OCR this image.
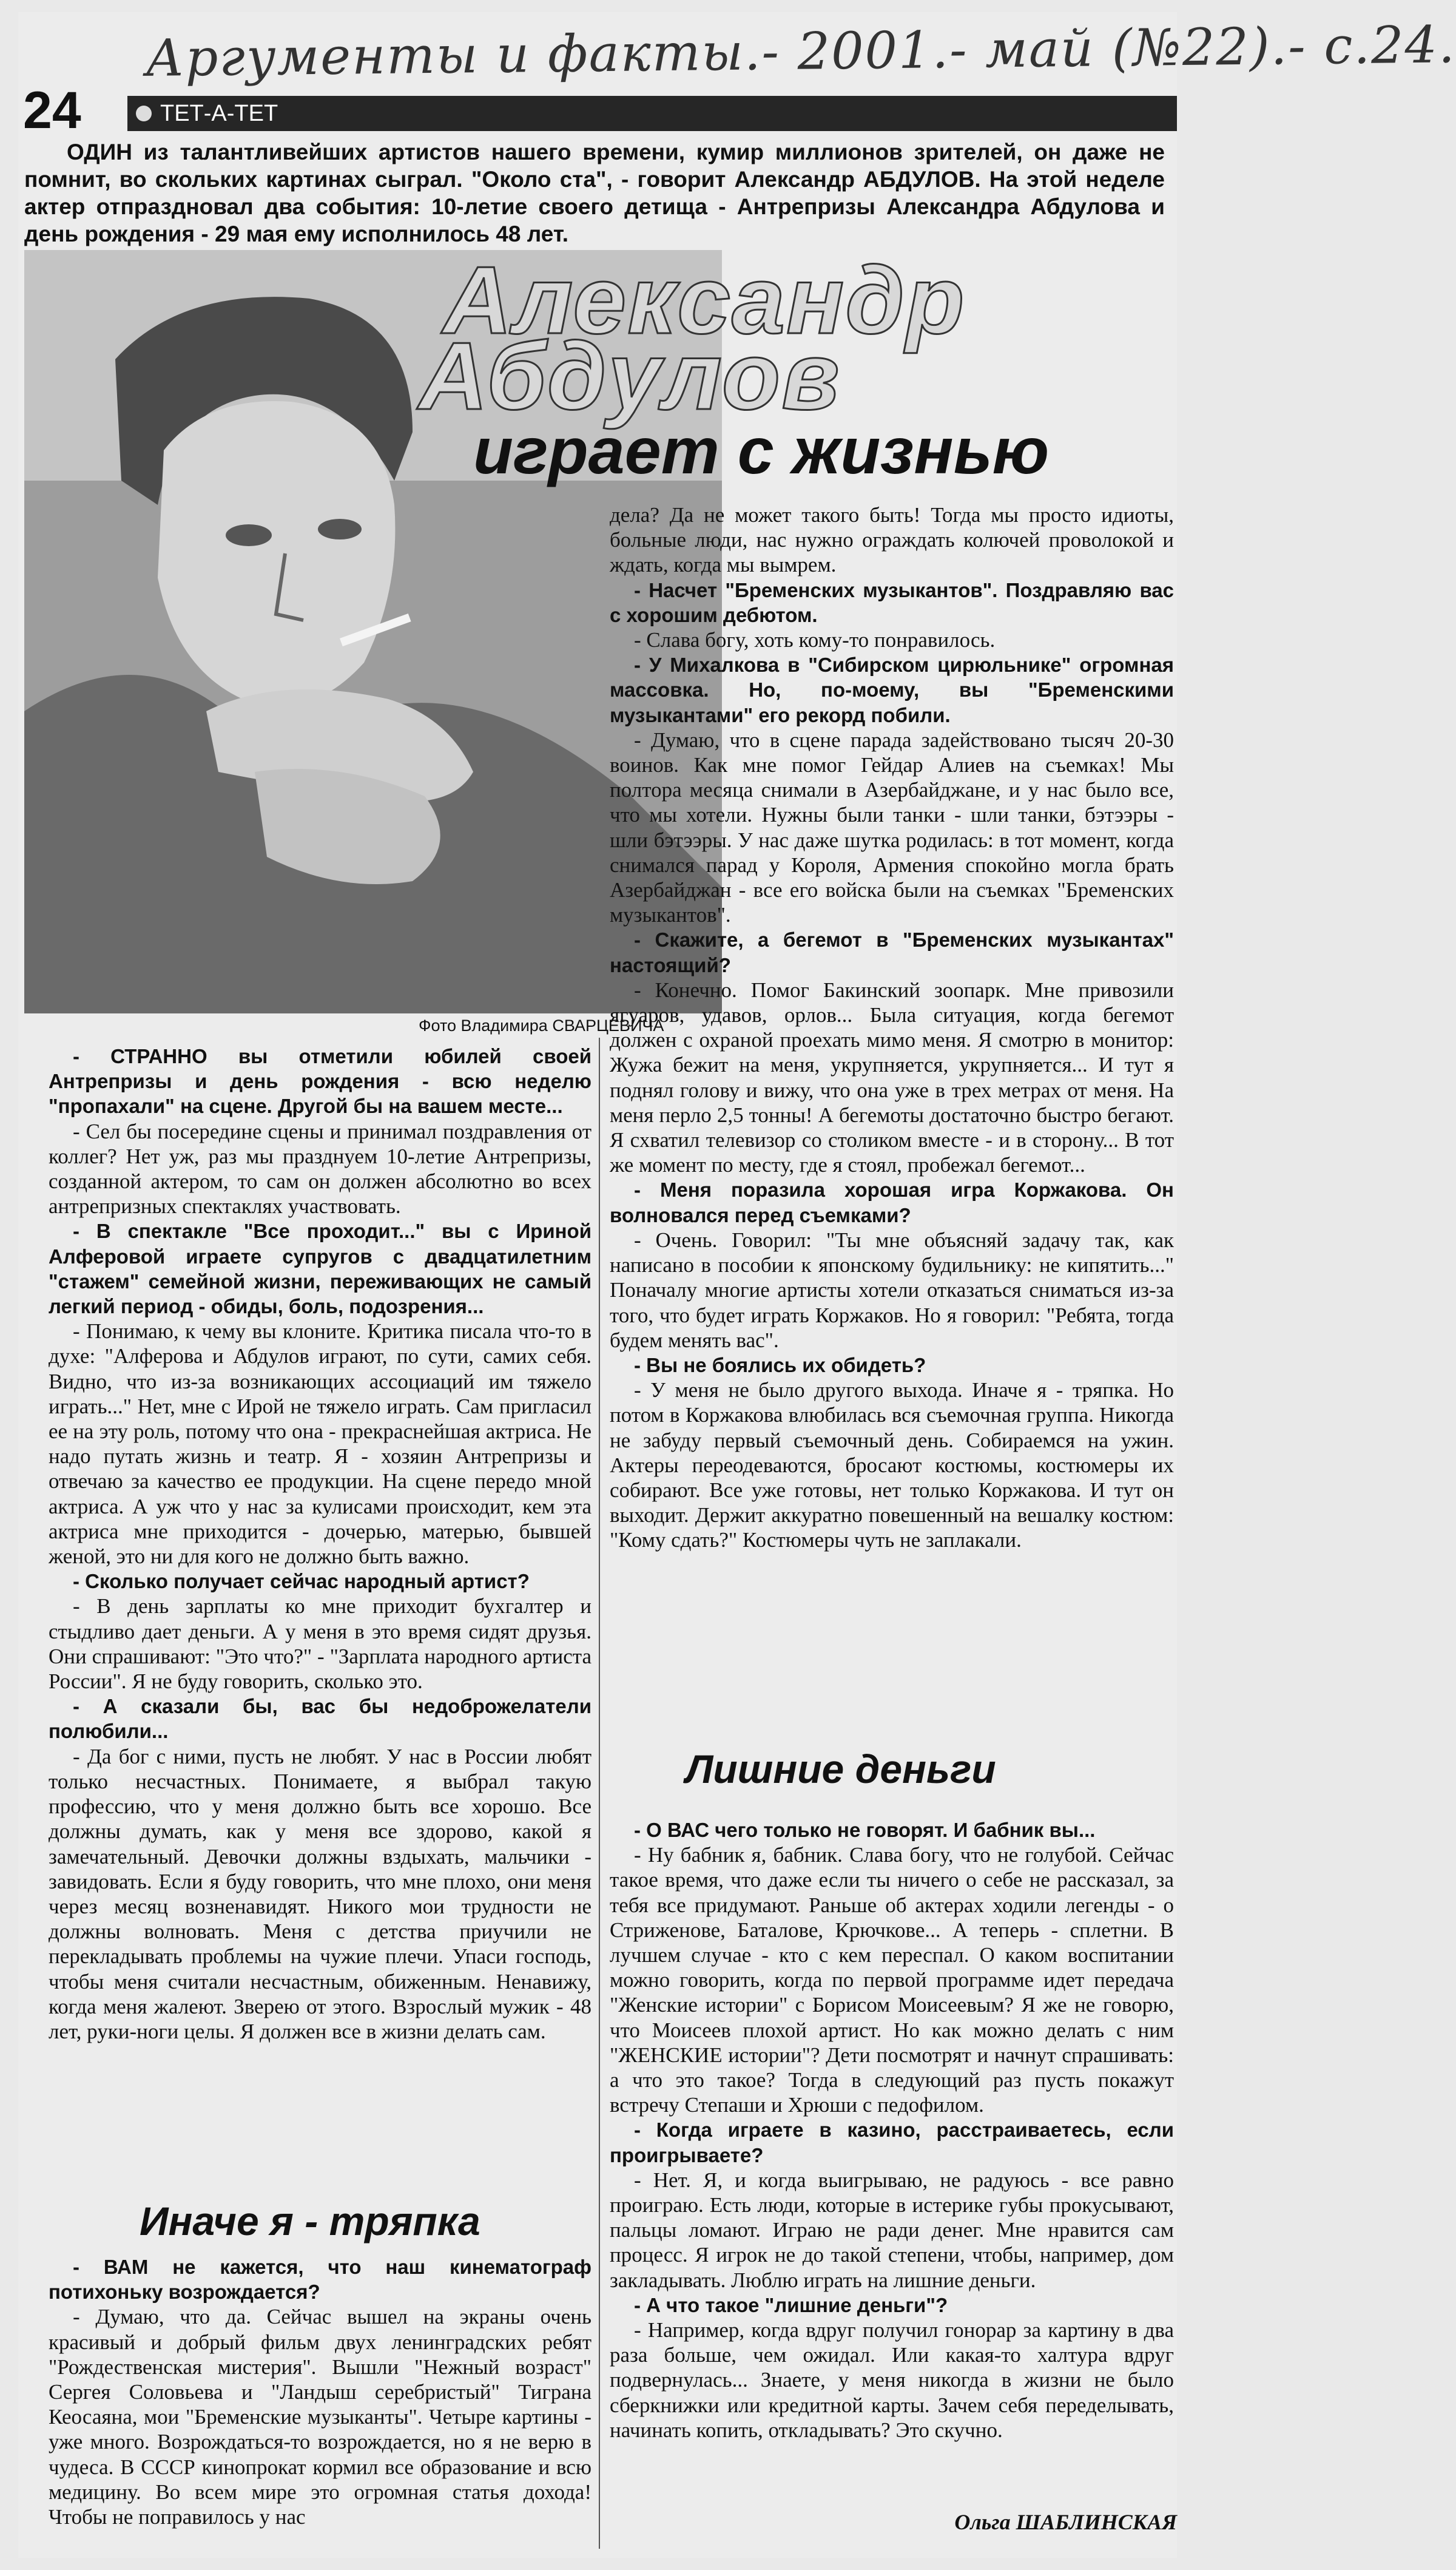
Аргументы и факты.- 2001.- май (№22).- с.24.
24	ТЕТ-А-ТЕТ
ОДИН из талантливейших артистов нашего времени, кумир миллионов зрителей, он даже не помнит, во скольких картинах сыграл. "Около ста", - говорит Александр АБДУЛОВ. На этой неделе актер отпраздновал два события: 10-летие своего детища - Антрепризы Александра Абдулова и день рождения - 29 мая ему исполнилось 48 лет.
Александр
Абдулов
играет с жизнью
Фото Владимира СВАРЦЕВИЧА

- СТРАННО вы отметили юбилей своей Антрепризы и день рождения - всю неделю "пропахали" на сцене. Другой бы на вашем месте...

- Сел бы посередине сцены и принимал поздравления от коллег? Нет уж, раз мы празднуем 10-летие Антрепризы, созданной актером, то сам он должен абсолютно во всех антрепризных спектаклях участвовать.

- В спектакле "Все проходит..." вы с Ириной Алферовой играете супругов с двадцатилетним "стажем" семейной жизни, переживающих не самый легкий период - обиды, боль, подозрения...

- Понимаю, к чему вы клоните. Критика писала что-то в духе: "Алферова и Абдулов играют, по сути, самих себя. Видно, что из-за возникающих ассоциаций им тяжело играть..." Нет, мне с Ирой не тяжело играть. Сам пригласил ее на эту роль, потому что она - прекраснейшая актриса. Не надо путать жизнь и театр. Я - хозяин Антрепризы и отвечаю за качество ее продукции. На сцене передо мной актриса. А уж что у нас за кулисами происходит, кем эта актриса мне приходится - дочерью, матерью, бывшей женой, это ни для кого не должно быть важно.

- Сколько получает сейчас народный артист?

- В день зарплаты ко мне приходит бухгалтер и стыдливо дает деньги. А у меня в это время сидят друзья. Они спрашивают: "Это что?" - "Зарплата народного артиста России". Я не буду говорить, сколько это.

- А сказали бы, вас бы недоброжелатели полюбили...

- Да бог с ними, пусть не любят. У нас в России любят только несчастных. Понимаете, я выбрал такую профессию, что у меня должно быть все хорошо. Все должны думать, как у меня все здорово, какой я замечательный. Девочки должны вздыхать, мальчики - завидовать. Если я буду говорить, что мне плохо, они меня через месяц возненавидят. Никого мои трудности не должны волновать. Меня с детства приучили не перекладывать проблемы на чужие плечи. Упаси господь, чтобы меня считали несчастным, обиженным. Ненавижу, когда меня жалеют. Зверею от этого. Взрослый мужик - 48 лет, руки-ноги целы. Я должен все в жизни делать сам.

Иначе я - тряпка

- ВАМ не кажется, что наш кинематограф потихоньку возрождается?

- Думаю, что да. Сейчас вышел на экраны очень красивый и добрый фильм двух ленинградских ребят "Рождественская мистерия". Вышли "Нежный возраст" Сергея Соловьева и "Ландыш серебристый" Тиграна Кеосаяна, мои "Бременские музыканты". Четыре картины - уже много. Возрождаться-то возрождается, но я не верю в чудеса. В СССР кинопрокат кормил все образование и всю медицину. Во всем мире это огромная статья дохода! Чтобы не поправилось у нас

дела? Да не может такого быть! Тогда мы просто идиоты, больные люди, нас нужно ограждать колючей проволокой и ждать, когда мы вымрем.

- Насчет "Бременских музыкантов". Поздравляю вас с хорошим дебютом.

- Слава богу, хоть кому-то понравилось.

- У Михалкова в "Сибирском цирюльнике" огромная массовка. Но, по-моему, вы "Бременскими музыкантами" его рекорд побили.

- Думаю, что в сцене парада задействовано тысяч 20-30 воинов. Как мне помог Гейдар Алиев на съемках! Мы полтора месяца снимали в Азербайджане, и у нас было все, что мы хотели. Нужны были танки - шли танки, бэтээры - шли бэтээры. У нас даже шутка родилась: в тот момент, когда снимался парад у Короля, Армения спокойно могла брать Азербайджан - все его войска были на съемках "Бременских музыкантов".

- Скажите, а бегемот в "Бременских музыкантах" настоящий?

- Конечно. Помог Бакинский зоопарк. Мне привозили ягуаров, удавов, орлов... Была ситуация, когда бегемот должен с охраной проехать мимо меня. Я смотрю в монитор: Жужа бежит на меня, укрупняется, укрупняется... И тут я поднял голову и вижу, что она уже в трех метрах от меня. На меня перло 2,5 тонны! А бегемоты достаточно быстро бегают. Я схватил телевизор со столиком вместе - и в сторону... В тот же момент по месту, где я стоял, пробежал бегемот...

- Меня поразила хорошая игра Коржакова. Он волновался перед съемками?

- Очень. Говорил: "Ты мне объясняй задачу так, как написано в пособии к японскому будильнику: не кипятить..." Поначалу многие артисты хотели отказаться сниматься из-за того, что будет играть Коржаков. Но я говорил: "Ребята, тогда будем менять вас".

- Вы не боялись их обидеть?

- У меня не было другого выхода. Иначе я - тряпка. Но потом в Коржакова влюбилась вся съемочная группа. Никогда не забуду первый съемочный день. Собираемся на ужин. Актеры переодеваются, бросают костюмы, костюмеры их собирают. Все уже готовы, нет только Коржакова. И тут он выходит. Держит аккуратно повешенный на вешалку костюм: "Кому сдать?" Костюмеры чуть не заплакали.

Лишние деньги

- О ВАС чего только не говорят. И бабник вы...

- Ну бабник я, бабник. Слава богу, что не голубой. Сейчас такое время, что даже если ты ничего о себе не рассказал, за тебя все придумают. Раньше об актерах ходили легенды - о Стриженове, Баталове, Крючкове... А теперь - сплетни. В лучшем случае - кто с кем переспал. О каком воспитании можно говорить, когда по первой программе идет передача "Женские истории" с Борисом Моисеевым? Я же не говорю, что Моисеев плохой артист. Но как можно делать с ним "ЖЕНСКИЕ истории"? Дети посмотрят и начнут спрашивать: а что это такое? Тогда в следующий раз пусть покажут встречу Степаши и Хрюши с педофилом.

- Когда играете в казино, расстраиваетесь, если проигрываете?

- Нет. Я, и когда выигрываю, не радуюсь - все равно проиграю. Есть люди, которые в истерике губы прокусывают, пальцы ломают. Играю не ради денег. Мне нравится сам процесс. Я игрок не до такой степени, чтобы, например, дом закладывать. Люблю играть на лишние деньги.

- А что такое "лишние деньги"?

- Например, когда вдруг получил гонорар за картину в два раза больше, чем ожидал. Или какая-то халтура вдруг подвернулась... Знаете, у меня никогда в жизни не было сберкнижки или кредитной карты. Зачем себя переделывать, начинать копить, откладывать? Это скучно.

Ольга ШАБЛИНСКАЯ
